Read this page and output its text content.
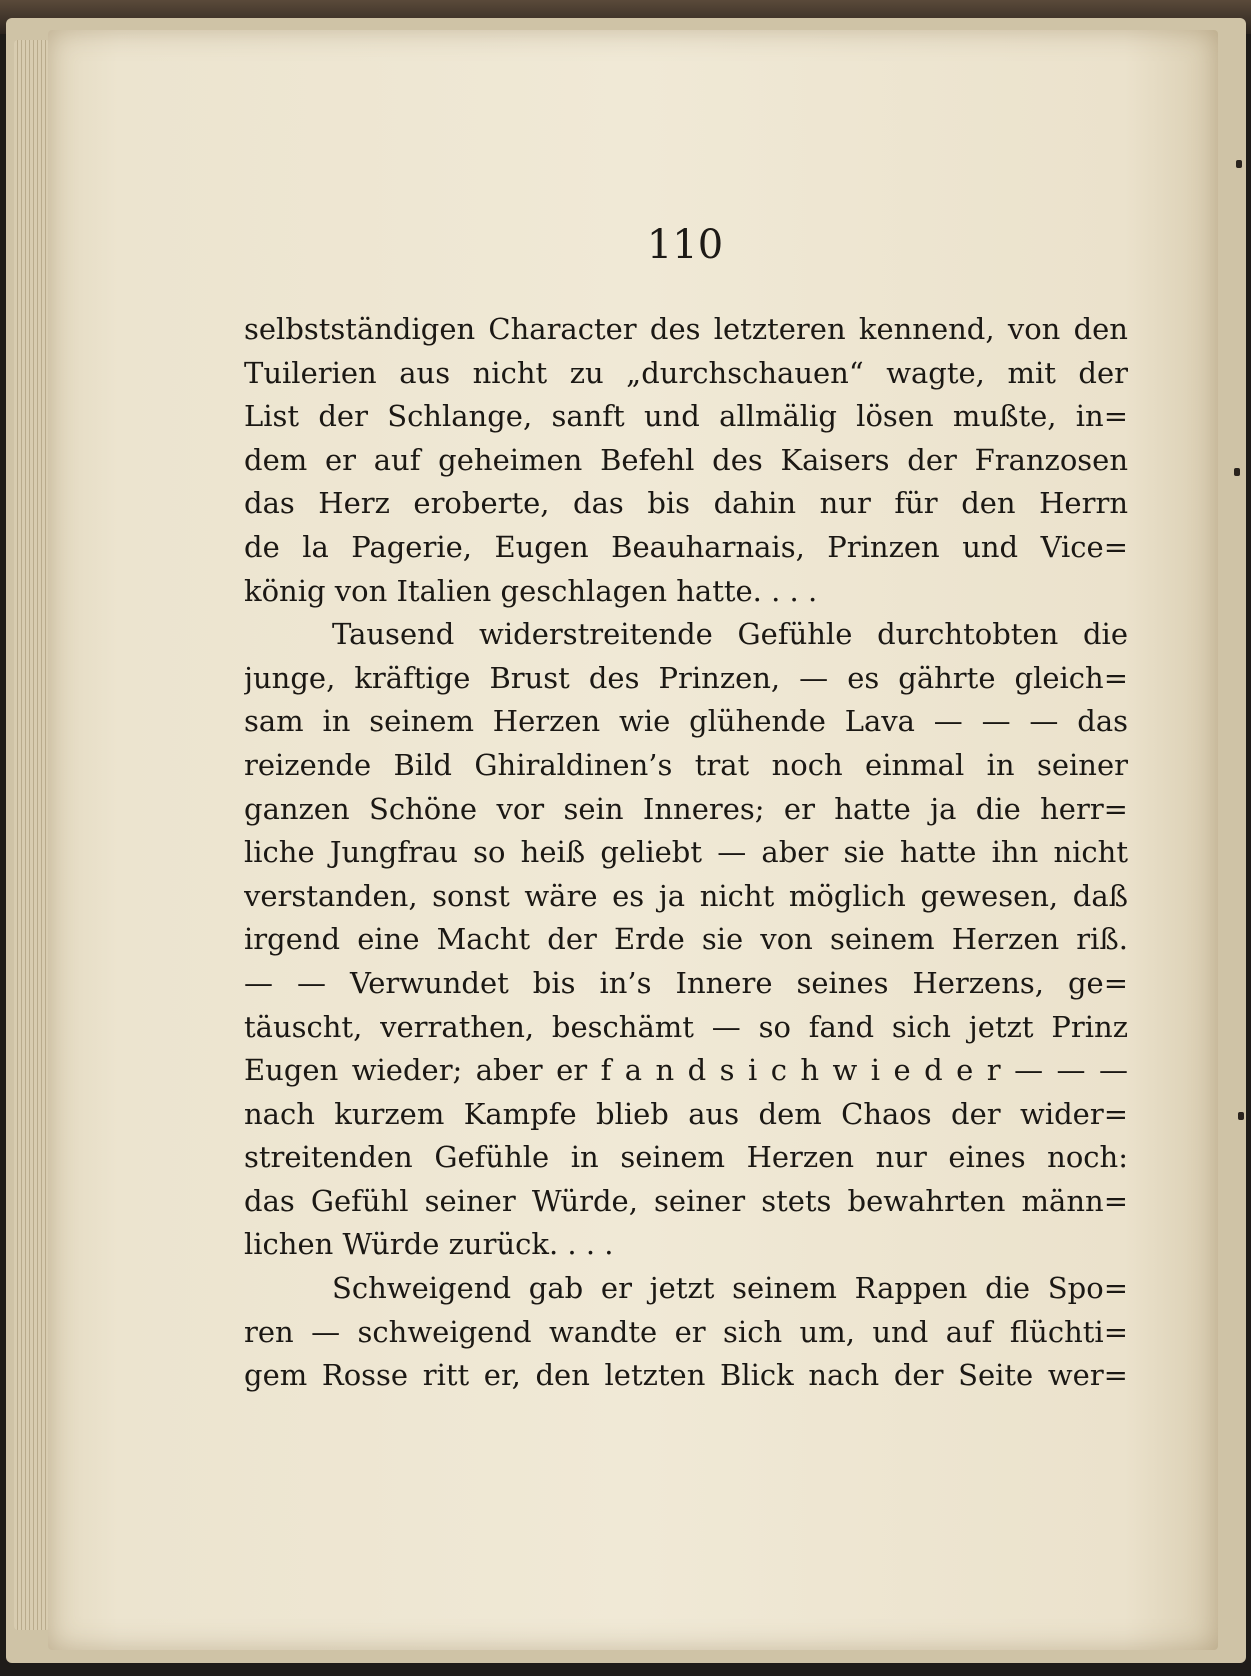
110
selbstständigen Character des letzteren kennend, von den
Tuilerien aus nicht zu „durchschauen“ wagte, mit der
List der Schlange, sanft und allmälig lösen mußte, in=
dem er auf geheimen Befehl des Kaisers der Franzosen
das Herz eroberte, das bis dahin nur für den Herrn
de la Pagerie, Eugen Beauharnais, Prinzen und Vice=
könig von Italien geschlagen hatte. . . .
Tausend widerstreitende Gefühle durchtobten die
junge, kräftige Brust des Prinzen, — es gährte gleich=
sam in seinem Herzen wie glühende Lava — — — das
reizende Bild Ghiraldinen’s trat noch einmal in seiner
ganzen Schöne vor sein Inneres; er hatte ja die herr=
liche Jungfrau so heiß geliebt — aber sie hatte ihn nicht
verstanden, sonst wäre es ja nicht möglich gewesen, daß
irgend eine Macht der Erde sie von seinem Herzen riß.
— — Verwundet bis in’s Innere seines Herzens, ge=
täuscht, verrathen, beschämt — so fand sich jetzt Prinz
Eugen wieder; aber er f a n d s i c h w i e d e r — — —
nach kurzem Kampfe blieb aus dem Chaos der wider=
streitenden Gefühle in seinem Herzen nur eines noch:
das Gefühl seiner Würde, seiner stets bewahrten männ=
lichen Würde zurück. . . .
Schweigend gab er jetzt seinem Rappen die Spo=
ren — schweigend wandte er sich um, und auf flüchti=
gem Rosse ritt er, den letzten Blick nach der Seite wer=
